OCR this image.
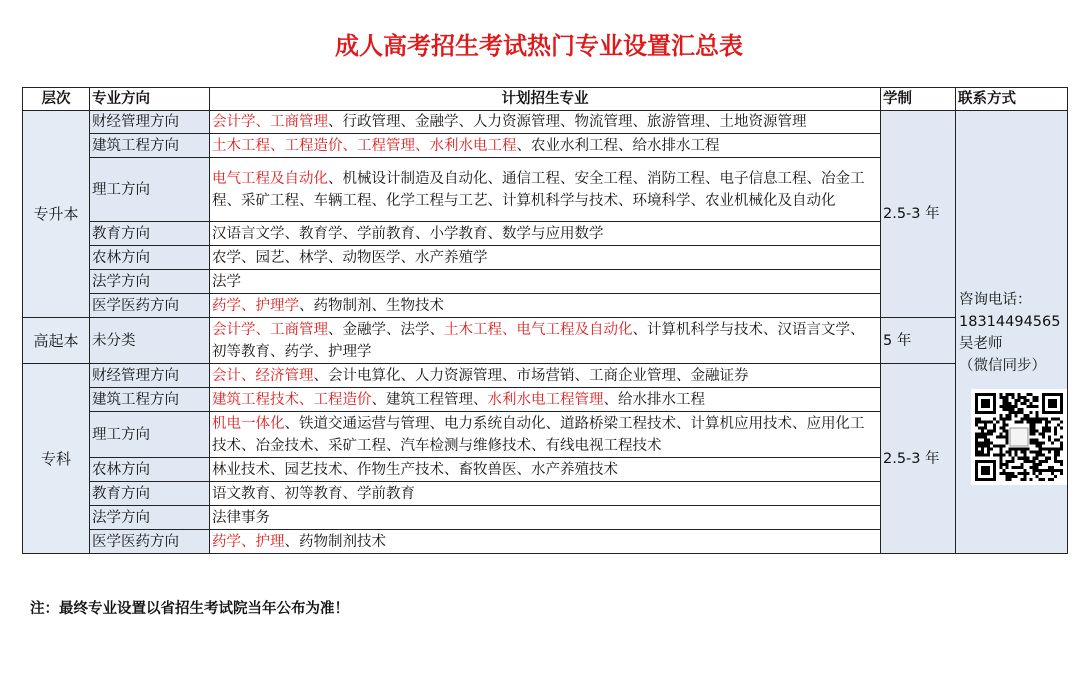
成人高考招生考试热门专业设置汇总表
层次	专业方向	计划招生专业	学制	联系方式
专升本	财经管理方向	会计学、工商管理、行政管理、金融学、人力资源管理、物流管理、旅游管理、土地资源管理	2.5-3 年	咨询电话：
18314494565
吴老师
（微信同步）

	建筑工程方向	土木工程、工程造价、工程管理、水利水电工程、农业水利工程、给水排水工程		
	理工方向	电气工程及自动化、机械设计制造及自动化、通信工程、安全工程、消防工程、电子信息工程、冶金工程、采矿工程、车辆工程、化学工程与工艺、计算机科学与技术、环境科学、农业机械化及自动化		
	教育方向	汉语言文学、教育学、学前教育、小学教育、数学与应用数学		
	农林方向	农学、园艺、林学、动物医学、水产养殖学		
	法学方向	法学		
	医学医药方向	药学、护理学、药物制剂、生物技术		
高起本	未分类	会计学、工商管理、金融学、法学、土木工程、电气工程及自动化、计算机科学与技术、汉语言文学、初等教育、药学、护理学	5 年	
专科	财经管理方向	会计、经济管理、会计电算化、人力资源管理、市场营销、工商企业管理、金融证券	2.5-3 年	
	建筑工程方向	建筑工程技术、工程造价、建筑工程管理、水利水电工程管理、给水排水工程		
	理工方向	机电一体化、铁道交通运营与管理、电力系统自动化、道路桥梁工程技术、计算机应用技术、应用化工技术、冶金技术、采矿工程、汽车检测与维修技术、有线电视工程技术		
	农林方向	林业技术、园艺技术、作物生产技术、畜牧兽医、水产养殖技术		
	教育方向	语文教育、初等教育、学前教育		
	法学方向	法律事务		
	医学医药方向	药学、护理、药物制剂技术		
注：最终专业设置以省招生考试院当年公布为准！
